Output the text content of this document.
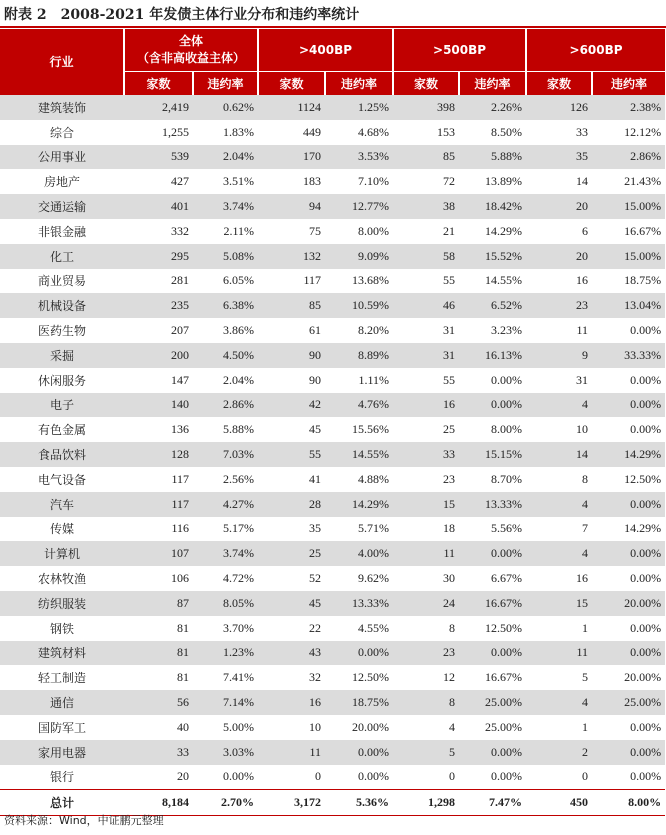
附表 2 2008-2021 年发债主体行业分布和违约率统计
行业	全体
（含非高收益主体）		>400BP		>500BP		>600BP	
	家数	违约率	家数	违约率	家数	违约率	家数	违约率
建筑装饰	2,419	0.62%	1124	1.25%	398	2.26%	126	2.38%
综合	1,255	1.83%	449	4.68%	153	8.50%	33	12.12%
公用事业	539	2.04%	170	3.53%	85	5.88%	35	2.86%
房地产	427	3.51%	183	7.10%	72	13.89%	14	21.43%
交通运输	401	3.74%	94	12.77%	38	18.42%	20	15.00%
非银金融	332	2.11%	75	8.00%	21	14.29%	6	16.67%
化工	295	5.08%	132	9.09%	58	15.52%	20	15.00%
商业贸易	281	6.05%	117	13.68%	55	14.55%	16	18.75%
机械设备	235	6.38%	85	10.59%	46	6.52%	23	13.04%
医药生物	207	3.86%	61	8.20%	31	3.23%	11	0.00%
采掘	200	4.50%	90	8.89%	31	16.13%	9	33.33%
休闲服务	147	2.04%	90	1.11%	55	0.00%	31	0.00%
电子	140	2.86%	42	4.76%	16	0.00%	4	0.00%
有色金属	136	5.88%	45	15.56%	25	8.00%	10	0.00%
食品饮料	128	7.03%	55	14.55%	33	15.15%	14	14.29%
电气设备	117	2.56%	41	4.88%	23	8.70%	8	12.50%
汽车	117	4.27%	28	14.29%	15	13.33%	4	0.00%
传媒	116	5.17%	35	5.71%	18	5.56%	7	14.29%
计算机	107	3.74%	25	4.00%	11	0.00%	4	0.00%
农林牧渔	106	4.72%	52	9.62%	30	6.67%	16	0.00%
纺织服装	87	8.05%	45	13.33%	24	16.67%	15	20.00%
钢铁	81	3.70%	22	4.55%	8	12.50%	1	0.00%
建筑材料	81	1.23%	43	0.00%	23	0.00%	11	0.00%
轻工制造	81	7.41%	32	12.50%	12	16.67%	5	20.00%
通信	56	7.14%	16	18.75%	8	25.00%	4	25.00%
国防军工	40	5.00%	10	20.00%	4	25.00%	1	0.00%
家用电器	33	3.03%	11	0.00%	5	0.00%	2	0.00%
银行	20	0.00%	0	0.00%	0	0.00%	0	0.00%
总计	8,184	2.70%	3,172	5.36%	1,298	7.47%	450	8.00%
资料来源：Wind，中证鹏元整理
